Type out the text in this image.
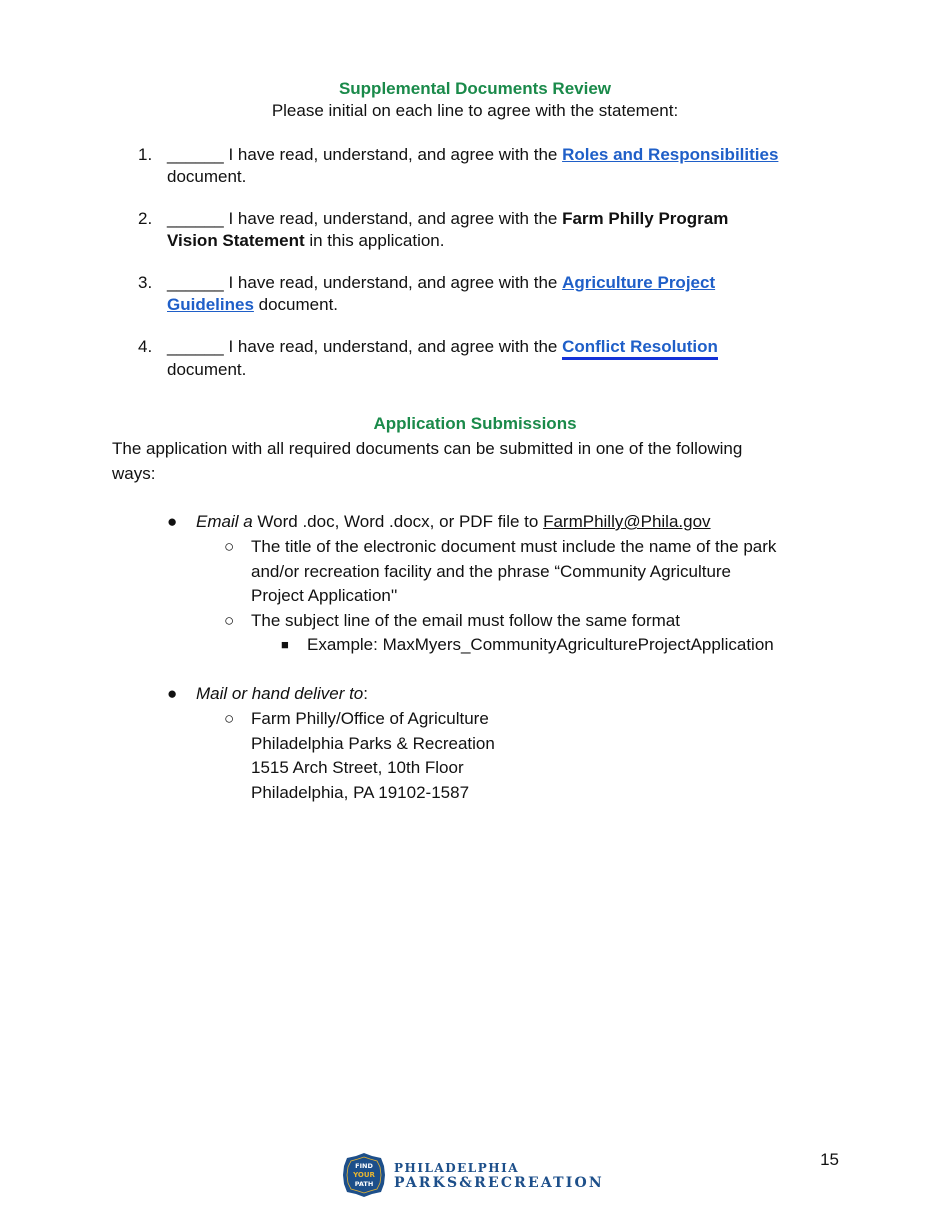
Supplemental Documents Review
Please initial on each line to agree with the statement:
1. ______ I have read, understand, and agree with the Roles and Responsibilities
document.
2. ______ I have read, understand, and agree with the Farm Philly Program
Vision Statement in this application.
3. ______ I have read, understand, and agree with the Agriculture Project
Guidelines document.
4. ______ I have read, understand, and agree with the Conflict Resolution
document.
Application Submissions
The application with all required documents can be submitted in one of the following
ways:
● Email a Word .doc, Word .docx, or PDF file to FarmPhilly@Phila.gov
○ The title of the electronic document must include the name of the park
and/or recreation facility and the phrase “Community Agriculture
Project Application''
○ The subject line of the email must follow the same format
■ Example: MaxMyers_CommunityAgricultureProjectApplication
● Mail or hand deliver to:
○ Farm Philly/Office of Agriculture
Philadelphia Parks & Recreation
1515 Arch Street, 10th Floor
Philadelphia, PA 19102-1587
15
FIND
YOUR
PATH
PHILADELPHIA
PARKS&RECREATION
